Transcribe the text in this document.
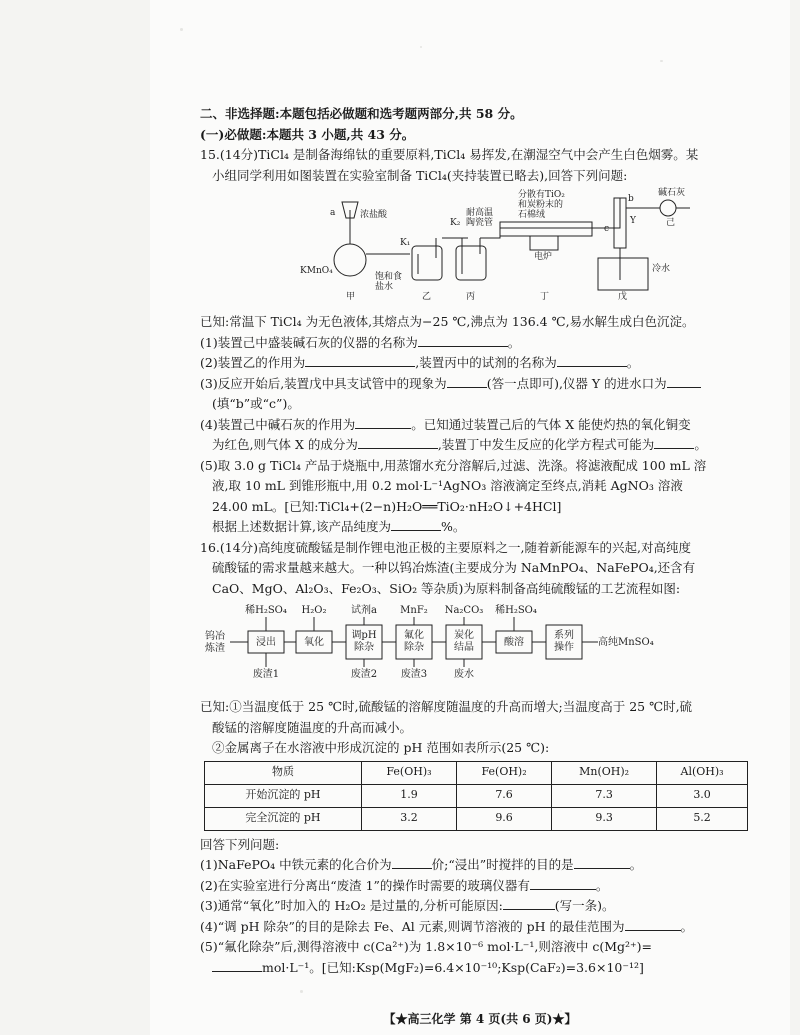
二、非选择题:本题包括必做题和选考题两部分,共 58 分。

(一)必做题:本题共 3 小题,共 43 分。

15.(14分)TiCl₄ 是制备海绵钛的重要原料,TiCl₄ 易挥发,在潮湿空气中会产生白色烟雾。某

小组同学利用如图装置在实验室制备 TiCl₄(夹持装置已略去),回答下列问题:

a	浓盐酸
K₁
K₂
KMnO₄
饱和食
盐水
耐高温
陶瓷管
分散有TiO₂
和炭粉末的
石棉绒
电炉
b
c
Y
碱石灰
己
冷水
甲	乙	丙	丁	戊

已知:常温下 TiCl₄ 为无色液体,其熔点为−25 ℃,沸点为 136.4 ℃,易水解生成白色沉淀。

(1)装置己中盛装碱石灰的仪器的名称为	。

(2)装置乙的作用为	,装置丙中的试剂的名称为	。

(3)反应开始后,装置戊中具支试管中的现象为	(答一点即可),仪器 Y 的进水口为

(填“b”或“c”)。

(4)装置己中碱石灰的作用为	。已知通过装置己后的气体 X 能使灼热的氧化铜变

为红色,则气体 X 的成分为	,装置丁中发生反应的化学方程式可能为	。

(5)取 3.0 g TiCl₄ 产品于烧瓶中,用蒸馏水充分溶解后,过滤、洗涤。将滤液配成 100 mL 溶

液,取 10 mL 到锥形瓶中,用 0.2 mol·L⁻¹AgNO₃ 溶液滴定至终点,消耗 AgNO₃ 溶液

24.00 mL。[已知:TiCl₄+(2−n)H₂O══TiO₂·nH₂O↓+4HCl]

根据上述数据计算,该产品纯度为	%。

16.(14分)高纯度硫酸锰是制作锂电池正极的主要原料之一,随着新能源车的兴起,对高纯度

硫酸锰的需求量越来越大。一种以钨冶炼渣(主要成分为 NaMnPO₄、NaFePO₄,还含有

CaO、MgO、Al₂O₃、Fe₂O₃、SiO₂ 等杂质)为原料制备高纯硫酸锰的工艺流程如图:

钨冶
炼渣
稀H₂SO₄	H₂O₂	试剂a	MnF₂	Na₂CO₃	稀H₂SO₄
浸出	氧化
调pH
除杂
氟化
除杂
炭化
结晶	酸溶
系列
操作	高纯MnSO₄
废渣1	废渣2	废渣3	废水

已知:①当温度低于 25 ℃时,硫酸锰的溶解度随温度的升高而增大;当温度高于 25 ℃时,硫

酸锰的溶解度随温度的升高而减小。

②金属离子在水溶液中形成沉淀的 pH 范围如表所示(25 ℃):

物质	Fe(OH)₃	Fe(OH)₂	Mn(OH)₂	Al(OH)₃
开始沉淀的 pH	1.9	7.6	7.3	3.0
完全沉淀的 pH	3.2	9.6	9.3	5.2

回答下列问题:

(1)NaFePO₄ 中铁元素的化合价为	价;“浸出”时搅拌的目的是	。

(2)在实验室进行分离出“废渣 1”的操作时需要的玻璃仪器有	。

(3)通常“氧化”时加入的 H₂O₂ 是过量的,分析可能原因:	(写一条)。

(4)“调 pH 除杂”的目的是除去 Fe、Al 元素,则调节溶液的 pH 的最佳范围为	。

(5)“氟化除杂”后,测得溶液中 c(Ca²⁺)为 1.8×10⁻⁶ mol·L⁻¹,则溶液中 c(Mg²⁺)=

mol·L⁻¹。[已知:Ksp(MgF₂)=6.4×10⁻¹⁰;Ksp(CaF₂)=3.6×10⁻¹²]

【★高三化学 第 4 页(共 6 页)★】
